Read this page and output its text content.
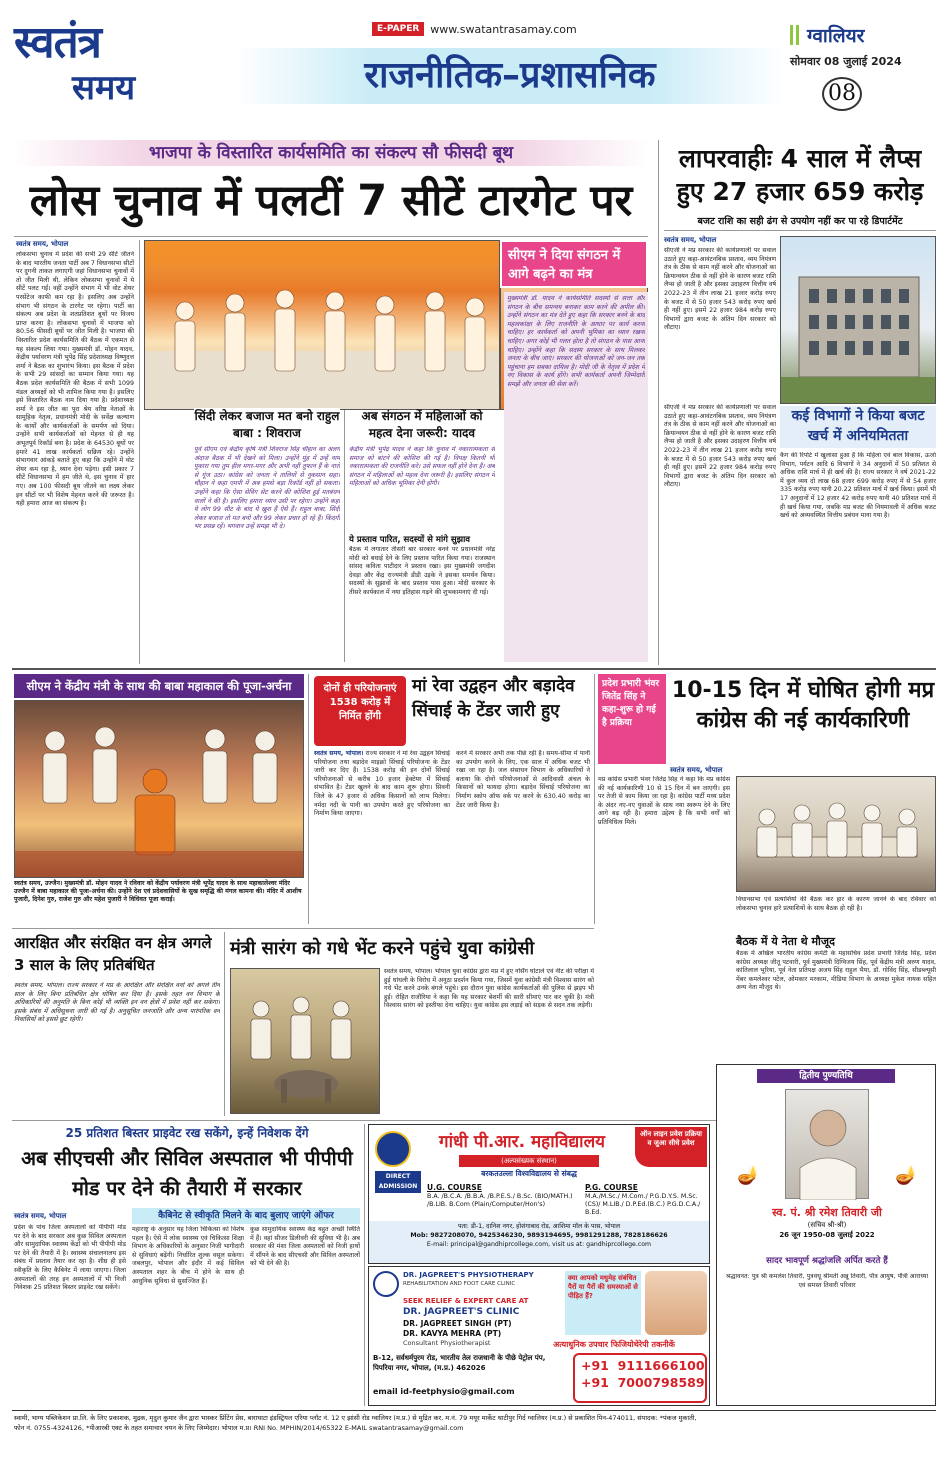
स्वतंत्र
समय
E-PAPER	www.swatantrasamay.com
राजनीतिक–प्रशासनिक
ग्वालियर
सोमवार 08 जुलाई 2024
08
भाजपा के विस्तारित कार्यसमिति का संकल्प सौ फीसदी बूथ
लोस चुनाव में पलटीं 7 सीटें टारगेट पर
स्वतंत्र समय, भोपाल
लोकसभा चुनाव में प्रदेश की सभी 29 सीटें जीतने के बाद भारतीय जनता पार्टी अब 7 विधानसभा सीटों पर दुगनी ताकत लगाएगी जहां विधानसभा चुनावों में तो जीत मिली थी, लेकिन लोकसभा चुनावों में ये सीटें पलट गईं। वहीं उन्होंने संभाग में भी वोट शेयर परसेंटेज काफी कम रहा है। इसलिए अब उन्होंने संभाग भी संगठन के टारगेट पर रहेगा। पार्टी का संकल्प अब प्रदेश के शतप्रतिशत बूथों पर विजय प्राप्त करना है। लोकसभा चुनावों में भाजपा को 80.56 फीसदी बूथों पर जीत मिली है। भाजपा की विस्तारित प्रदेश कार्यसमिति की बैठक में एकमत से यह संकल्प लिया गया। मुख्यमंत्री डॉ. मोहन यादव, केंद्रीय पर्यावरण मंत्री भूपेंद्र सिंह प्रदेशाध्यक्ष विष्णुदत्त शर्मा ने बैठक का शुभारंभ किया। इस बैठक में प्रदेश के सभी 29 सांसदों का सम्मान किया गया। यह बैठक प्रदेश कार्यसमिति की बैठक में सभी 1099 मंडल अध्यक्षों को भी शामिल किया गया है। इसलिए इसे विस्तारित बैठक नाम दिया गया है। प्रदेशाध्यक्ष शर्मा ने इस जीत का पूरा श्रेय वरिष्ठ नेताओं के सामूहिक नेतृत्व, प्रधानमंत्री मोदी के सर्वेक्ष कल्याण के कार्यों और कार्यकर्ताओं के समर्पण को दिया। उन्होंने सभी कार्यकर्ताओं को मेहनत से ही यह अभूतपूर्व रिकॉर्ड बना है। प्रदेश के 64530 बूथों पर हमारे 41 लाख कार्यकर्ता सक्रिय रहे। उन्होंने संभागवार आंकड़े बताते हुए कहा कि उन्होंने में वोट शेयर कम रहा है, ध्यान देना पड़ेगा। इसी प्रकार 7 सीटें विधानसभा में हम जीते थे, इस चुनाव में हार गए। अब 100 फीसदी बूथ जीतने का लक्ष्य लेकर इन सीटों पर भी विशेष मेहनत करने की जरूरत है। यही हमारा आज का संकल्प है।
सीएम ने दिया संगठन में आगे बढ़ने का मंत्र
सिंदी लेकर बजाज मत बनो राहुल बाबा : शिवराज
पूर्व सीएम एवं केंद्रीय कृषि मंत्री शिवराज सिंह चौहान का अलग अंदाज बैठक में भी देखने को मिला। उन्होंने मुंह में उन्हें नाम पुकारा गया तुम हील मगर-मगर और अभी नहीं तुफान हैं के नारों से गूंज उठा। कांग्रेस को जनता ने तालियों से नुकसान सहा। चौहान ने कहा एमपी में अब हमसे बड़ा रिकॉर्ड नहीं हो सकता। उन्होंने कहा कि ऐसा सेविंग सेट करने की कोशिश हुई मतबंधन वालों ने की है। इसलिए हमारा ध्यान उसी पर रहेगा। उन्होंने कहा ये लोग 99 सीट के बाद ये खुश हैं ऐसे हैं। राहुल बाबा, सिंदी लेकर बजाज तो मत बनो और 99 लेकर प्रचार हो रहे हैं। किंदगी भर प्रसन्न रहें। भगवान उन्हें समझ भी दे।
अब संगठन में महिलाओं को महत्व देना जरूरी: यादव
केंद्रीय मंत्री भूपेंद्र यादव ने कहा कि चुनाव में नकारात्मकता से समाज को बांटने की कोशिश की गई है। विपक्ष कितनी भी नकारात्मकता की राजनीति करे। उसे सफल नहीं होने देना है। अब संगठन में महिलाओं को महत्व देना जरूरी है। इसलिए संगठन में महिलाओं को अधिक भूमिका देनी होगी।
ये प्रस्ताव पारित, सदस्यों से मांगे सुझाव
बैठक में लगातार तीसरी बार सरकार बनने पर प्रधानमंत्री नरेंद्र मोदी को बधाई देने के लिए प्रस्ताव पारित किया गया। राजस्थान सांसद कविता पाटीदार ने प्रस्ताव रखा। इस मुख्यमंत्री जगदीश देवड़ा और केंद्र राज्यमंत्री डीडी उइके ने इसका समर्थन किया। सदस्यों के सुझावों के बाद प्रस्ताव पास हुआ। मोदी सरकार के तीसरे कार्यकाल में नया इतिहास गढ़ने की शुभकामनाएं दी गई।
मुख्यमंत्री डॉ. यादव ने कार्यसमिति सदस्यों से सत्ता और संगठन के बीच समन्वय बनाकर काम करने की अपील की। उन्होंने संगठन का मंत्र देते हुए कहा कि सरकार बनने के बाद महत्वकांक्षा के लिए राजनीति के आधार पर कार्य करना चाहिए। हर कार्यकर्ता को अपनी भूमिका का ध्यान रखना चाहिए। अगर कोई भी गलत होता है तो संगठन के पास आना चाहिए। उन्होंने कहा कि सदस्य सरकार के साथ मिलकर जनता के बीच जाएं। सरकार की योजनाओं को जन-जन तक पहुंचाना हम सबका दायित्व है। मोदी जी के नेतृत्व में प्रदेश में नए विकास के कार्य होंगे। सभी कार्यकर्ता अपनी जिम्मेदारी समझें और जनता की सेवा करें।
लापरवाहीः 4 साल में लैप्स हुए 27 हजार 659 करोड़
बजट राशि का सही ढंग से उपयोग नहीं कर पा रहे डिपार्टमेंट
स्वतंत्र समय, भोपाल
सीएजी ने मप्र सरकार की कार्यप्रणाली पर सवाल उठाते हुए कहा-आवंटनबिक प्रस्ताव, व्यय नियंत्रण तंत्र के ठीक से काम नहीं करने और योजनाओं का क्रियान्वयन ठीक से नहीं होने के कारण बजट राशि लैप्स हो जाती है और इसका उदाहरण वित्तीय वर्ष 2022-23 में तीन लाख 21 हजार करोड़ रुपए के बजट में से 50 हजार 543 करोड़ रुपए खर्च ही नहीं हुए। इसमें 22 हजार 984 करोड़ रुपए विभागों द्वारा बजट के अंतिम दिन सरकार को लौटाए।
सीएजी ने मप्र सरकार की कार्यप्रणाली पर सवाल उठाते हुए कहा-आवंटनबिक प्रस्ताव, व्यय नियंत्रण तंत्र के ठीक से काम नहीं करने और योजनाओं का क्रियान्वयन ठीक से नहीं होने के कारण बजट राशि लैप्स हो जाती है और इसका उदाहरण वित्तीय वर्ष 2022-23 में तीन लाख 21 हजार करोड़ रुपए के बजट में से 50 हजार 543 करोड़ रुपए खर्च ही नहीं हुए। इसमें 22 हजार 984 करोड़ रुपए विभागों द्वारा बजट के अंतिम दिन सरकार को लौटाए।
कई विभागों ने किया बजट खर्च में अनियमितता
कैग की रिपोर्ट में खुलासा हुआ है कि महिला एवं बाल विकास, ऊर्जा विभाग, पर्यटन आदि 6 विभागों ने 34 अनुदानों में 50 प्रतिशत से अधिक राशि मार्च में ही खर्च की है। राज्य सरकार ने वर्ष 2021-22 में कुल व्यय दो लाख 68 हजार 699 करोड़ रुपए में से 54 हजार 335 करोड़ रुपए यानी 20.22 प्रतिशत मार्च में खर्च किया। इसमें भी 17 अनुदानों में 12 हजार 42 करोड़ रुपए यानी 40 प्रतिशत मार्च में ही खर्च किया गया, जबकि मप्र बजट की नियमावली में अधिक बजट खर्च को अव्यवस्थित वित्तीय प्रबंधन माना गया है।
सीएम ने केंद्रीय मंत्री के साथ की बाबा महाकाल की पूजा-अर्चना
स्वतंत्र समय, उज्जैन। मुख्यमंत्री डॉ. मोहन यादव ने रविवार को केंद्रीय पर्यावरण मंत्री भूपेंद्र यादव के साथ महाकालेश्वर मंदिर उज्जैन में बाबा महाकाल की पूजा-अर्चना की। उन्होंने देश एवं प्रदेशवासियों के सुख समृद्धि की मंगल कामना की। मंदिर में आशीष पुजारी, दिनेश गुरु, राजेश गुरु और महेश पुजारी ने विधिवत पूजा कराई।
दोनों ही परियोजनाएं 1538 करोड़ में निर्मित होंगी
मां रेवा उद्वहन और बड़ादेव सिंचाई के टेंडर जारी हुए
स्वतंत्र समय, भोपाल। राज्य सरकार ने मां रेवा उद्वहन सिंचाई परियोजना तथा बड़ादेव माइक्रो सिंचाई परियोजना के टेंडर जारी कर दिए हैं। 1538 करोड़ की इन दोनों सिंचाई परियोजनाओं से करीब 10 हजार हेक्टेयर में सिंचाई संभावित है। टेंडर खुलने के बाद काम शुरू होगा। सिवनी जिले के 47 हजार से अधिक किसानों को लाभ मिलेगा। नर्मदा नदी के पानी का उपयोग करते हुए परियोजना का निर्माण किया जाएगा।
करने में सरकार अभी तक पीछे रही है। समय-सीमा में पानी का उपयोग करने के लिए, एक साल में अधिक बजट भी रखा जा रहा है। जल संसाधन विभाग के अधिकारियों ने बताया कि दोनों परियोजनाओं से आदिवासी अंचल के किसानों को फायदा होगा। बड़ादेव सिंचाई परियोजना का निर्माण स्कोप ऑफ वर्क पर करने के 630.40 करोड़ का टेंडर जारी किया है।
प्रदेश प्रभारी भंवर जितेंद्र सिंह ने कहा-शुरू हो गई है प्रक्रिया
10-15 दिन में घोषित होगी मप्र कांग्रेस की नई कार्यकारिणी
स्वतंत्र समय, भोपाल
मप्र कांग्रेस प्रभारी भंवर जितेंद्र सिंह ने कहा कि मप्र कांग्रेस की नई कार्यकारिणी 10 से 15 दिन में बन जाएगी। इस पर तेजी से काम किया जा रहा है। कांग्रेस पार्टी मध्य प्रदेश के अंदर नए-नए युवाओं के साथ नया स्वरूप देने के लिए आगे बढ़ रही है। हमारा उद्देश्य है कि सभी वर्गों को प्रतिनिधित्व मिले।
विधानसभा एवं प्रत्याशियों की बैठक कर हार के कारण जानने के बाद रविवार को लोकसभा चुनाव हारे प्रत्याशियों के साथ बैठक हो रही है।
बैठक में ये नेता थे मौजूद
बैठक में अखिल भारतीय कांग्रेस कमेटी के महासचिव प्रदेश प्रभारी जितेंद्र सिंह, प्रदेश कांग्रेस अध्यक्ष जीतू पटवारी, पूर्व मुख्यमंत्री दिग्विजय सिंह, पूर्व केंद्रीय मंत्री अरुण यादव, कांतिलाल भूरिया, पूर्व नेता प्रतिपक्ष अजय सिंह राहुल भैया, डॉ. गोविंद सिंह, सीडब्ल्यूसी मेंबर कमलेश्वर पटेल, ओमकार मरकाम, मीडिया विभाग के अध्यक्ष मुकेश नायक सहित अन्य नेता मौजूद थे।
आरक्षित और संरक्षित वन क्षेत्र अगले 3 साल के लिए प्रतिबंधित
स्वतंत्र समय, भोपाल। राज्य सरकार ने मप्र के आरक्षित और संरक्षित वनों को अगले तीन साल के लिए बिना प्रतिबंधित क्षेत्र घोषित कर दिया है। इसके तहत वन विभाग के अधिकारियों की अनुमति के बिना कोई भी व्यक्ति इन वन क्षेत्रों में प्रवेश नहीं कर सकेगा। इसके संबंध में अधिसूचना जारी की गई है। अनुसूचित जनजाति और अन्य पारंपरिक वन निवासियों को इससे छूट रहेगी।
मंत्री सारंग को गधे भेंट करने पहुंचे युवा कांग्रेसी
स्वतंत्र समय, भोपाल। भोपाल युवा कांग्रेस द्वारा मप्र में हुए नर्सिंग घोटाले एवं नीट की परीक्षा में हुई धांधली के विरोध में अनूठा प्रदर्शन किया गया, जिसमें युवा कांग्रेसी मंत्री विश्वास सारंग को गधे भेंट करने उनके बंगले पहुंचे। इस दौरान युवा कांग्रेस कार्यकर्ताओं की पुलिस से झड़प भी हुई। रोहित राजौरिया ने कहा कि यह सरकार बेशर्मी की सारी सीमाएं पार कर चुकी है। मंत्री विश्वास सारंग को इस्तीफा देना चाहिए। युवा कांग्रेस इस लड़ाई को सड़क से सदन तक लड़ेगी।
25 प्रतिशत बिस्तर प्राइवेट रख सकेंगे, इन्हें निवेशक देंगे
अब सीएचसी और सिविल अस्पताल भी पीपीपी मोड पर देने की तैयारी में सरकार
स्वतंत्र समय, भोपाल	कैबिनेट से स्वीकृति मिलने के बाद बुलाए जाएंगे ऑफर
प्रदेश के पांच जिला अस्पतालों को पीपीपी मोड पर देने के बाद सरकार अब कुछ सिविल अस्पताल और सामुदायिक स्वास्थ्य केंद्रों को भी पीपीपी मोड पर देने की तैयारी में है। स्वास्थ्य संचालनालय इस संबंध में प्रस्ताव तैयार कर रहा है। शीघ्र ही इसे स्वीकृति के लिए कैबिनेट में लाया जाएगा। जिला अस्पतालों की तरह इन अस्पतालों में भी निजी निवेशक 25 प्रतिशत बिस्तर प्राइवेट रख सकेंगे।
महाराष्ट्र के अनुसार यह जिला चिकित्सा को विशेष पहल है। ऐसे में लोक स्वास्थ्य एवं चिकित्सा शिक्षा विभाग के अधिकारियों के अनुसार निजी भागीदारी से सुविधाएं बढ़ेंगी। निर्धारित शुल्क वसूल सकेगा। जबलपुर, भोपाल और इंदौर में कई सिविल अस्पताल शहर के बीच में होने के साथ ही आधुनिक सुविधा से सुसज्जित हैं।
कुछ सामुदायिक स्वास्थ्य केंद्र बहुत अच्छी स्थिति में हैं। वहां सीजर डिलीवरी की सुविधा भी है। अब सरकार की मंशा जिला अस्पतालों को निजी हाथों में सौंपने के बाद सीएचसी और सिविल अस्पतालों को भी देने की है।
गांधी पी.आर. महाविद्यालय
(अल्पसंख्यक संस्थान)
बरकतउल्ला विश्वविद्यालय से संबद्ध
ऑन लाइन प्रवेश प्रक्रिया व जुआ सीधे प्रवेश
DIRECT ADMISSION	U.G. COURSE
B.A. /B.C.A. /B.B.A. /B.P.E.S./ B.Sc. (BIO/MATH.) /B.LIB. B.Com (Plain/Computer/Hon's)
P.G. COURSE
M.A./M.Sc./ M.Com./ P.G.D.Y.S. M.Sc.(CS)/ M.LIB./ D.P.Ed.(B.C.) P.G.D.C.A./ B.Ed.
पता: डी-1, दानिश नगर, होशंगाबाद रोड, आशिमा मॉल के पास, भोपाल
Mob: 9827208070, 9425346230, 9893194695, 9981291288, 7828186626
E-mail: principal@gandhiprcollege.com, visit us at: gandhiprcollege.com
DR. JAGPREET'S PHYSIOTHERAPY
REHABILITATION AND FOOT CARE CLINIC
SEEK RELIEF & EXPERT CARE AT
DR. JAGPREET'S CLINIC
DR. JAGPREET SINGH (PT)
DR. KAVYA MEHRA (PT)
Consultant Physiotherapist
क्या आपको मधुमेह संबंधित पैरों या पैरों की समस्याओं से पीड़ित हैं?
अत्याधुनिक उपचार फिजियोथेरेपी तकनीकें
B-12, सर्वधर्मपुरम रोड, भारतीय तेल राजधानी के पीछे पेट्रोल पंप, पिपरिया नगर, भोपाल, (म.प्र.) 462026
email id-feetphysio@gmail.com
+91  9111666100
+91  7000798589
द्वितीय पुण्यतिथि
🪔	🪔
स्व. पं. श्री रमेश तिवारी जी
(सचिव श्री-श्री)
26 जून 1950-08 जुलाई 2022
सादर भावपूर्ण श्रद्धांजलि अर्पित करते हैं
श्रद्धावनत: पुत्र श्री कमलेश तिवारी, पुत्रवधू श्रीमती अन्नू तिवारी, पौत्र आयुष, पौत्री आराध्या एवं समस्त तिवारी परिवार
स्वामी, भाग्य पब्लिकेशन प्रा.लि. के लिए प्रकाशक, मुद्रक, मृदुल कुमार जैन द्वारा भास्कर प्रिंटिंग प्रेस, बाराघाटा इंडस्ट्रियल एरिया प्लॉट नं. 12 ए झांसी रोड ग्वालियर (म.प्र.) से मुद्रित कर, म.नं. 79 मयूर मार्केट थाटीपुर गिर्द ग्वालियर (म.प्र.) से प्रकाशित पिन-474011, संपादक: *पंकज मुकाती,
फोन नं. 0755-4324126, *पीआरबी एक्ट के तहत समाचार चयन के लिए जिम्मेदार। भोपाल म.प्र। RNI No. MPHIN/2014/65322 E-MAIL swatantrasamay@gmail.com
